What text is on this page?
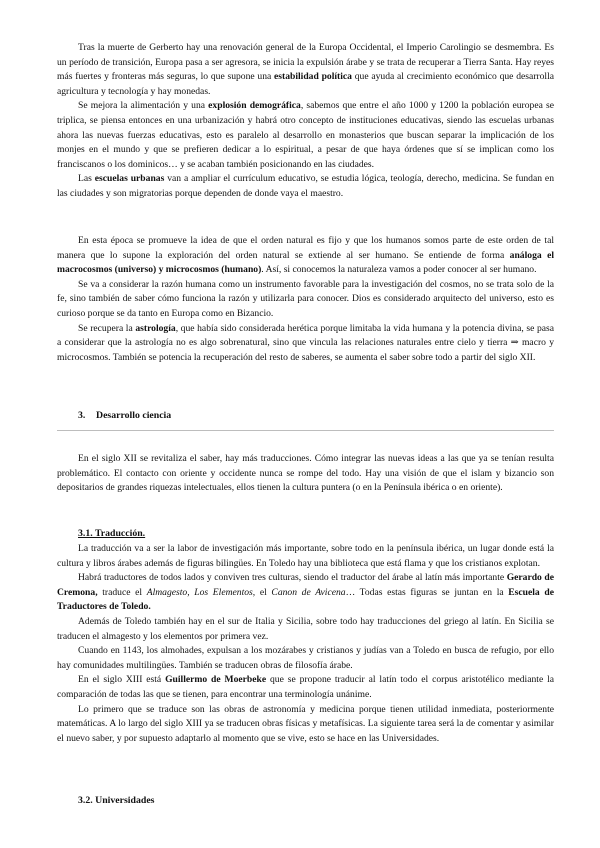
Tras la muerte de Gerberto hay una renovación general de la Europa Occidental, el Imperio Carolingio se desmembra. Es un período de transición, Europa pasa a ser agresora, se inicia la expulsión árabe y se trata de recuperar a Tierra Santa. Hay reyes más fuertes y fronteras más seguras, lo que supone una estabilidad política que ayuda al crecimiento económico que desarrolla agricultura y tecnología y hay monedas.

Se mejora la alimentación y una explosión demográfica, sabemos que entre el año 1000 y 1200 la población europea se triplica, se piensa entonces en una urbanización y habrá otro concepto de instituciones educativas, siendo las escuelas urbanas ahora las nuevas fuerzas educativas, esto es paralelo al desarrollo en monasterios que buscan separar la implicación de los monjes en el mundo y que se prefieren dedicar a lo espiritual, a pesar de que haya órdenes que sí se implican como los franciscanos o los dominicos… y se acaban también posicionando en las ciudades.

Las escuelas urbanas van a ampliar el currículum educativo, se estudia lógica, teología, derecho, medicina. Se fundan en las ciudades y son migratorias porque dependen de donde vaya el maestro.

En esta época se promueve la idea de que el orden natural es fijo y que los humanos somos parte de este orden de tal manera que lo supone la exploración del orden natural se extiende al ser humano. Se entiende de forma análoga el macrocosmos (universo) y microcosmos (humano). Así, si conocemos la naturaleza vamos a poder conocer al ser humano.

Se va a considerar la razón humana como un instrumento favorable para la investigación del cosmos, no se trata solo de la fe, sino también de saber cómo funciona la razón y utilizarla para conocer. Dios es considerado arquitecto del universo, esto es curioso porque se da tanto en Europa como en Bizancio.

Se recupera la astrología, que había sido considerada herética porque limitaba la vida humana y la potencia divina, se pasa a considerar que la astrología no es algo sobrenatural, sino que vincula las relaciones naturales entre cielo y tierra ⇒ macro y microcosmos. También se potencia la recuperación del resto de saberes, se aumenta el saber sobre todo a partir del siglo XII.

3. Desarrollo ciencia

En el siglo XII se revitaliza el saber, hay más traducciones. Cómo integrar las nuevas ideas a las que ya se tenían resulta problemático. El contacto con oriente y occidente nunca se rompe del todo. Hay una visión de que el islam y bizancio son depositarios de grandes riquezas intelectuales, ellos tienen la cultura puntera (o en la Península ibérica o en oriente).

3.1. Traducción.

La traducción va a ser la labor de investigación más importante, sobre todo en la península ibérica, un lugar donde está la cultura y libros árabes además de figuras bilingües. En Toledo hay una biblioteca que está flama y que los cristianos explotan.

Habrá traductores de todos lados y conviven tres culturas, siendo el traductor del árabe al latín más importante Gerardo de Cremona, traduce el Almagesto, Los Elementos, el Canon de Avicena… Todas estas figuras se juntan en la Escuela de Traductores de Toledo.

Además de Toledo también hay en el sur de Italia y Sicilia, sobre todo hay traducciones del griego al latín. En Sicilia se traducen el almagesto y los elementos por primera vez.

Cuando en 1143, los almohades, expulsan a los mozárabes y cristianos y judías van a Toledo en busca de refugio, por ello hay comunidades multilingües. También se traducen obras de filosofía árabe.

En el siglo XIII está Guillermo de Moerbeke que se propone traducir al latín todo el corpus aristotélico mediante la comparación de todas las que se tienen, para encontrar una terminología unánime.

Lo primero que se traduce son las obras de astronomía y medicina porque tienen utilidad inmediata, posteriormente matemáticas. A lo largo del siglo XIII ya se traducen obras físicas y metafísicas. La siguiente tarea será la de comentar y asimilar el nuevo saber, y por supuesto adaptarlo al momento que se vive, esto se hace en las Universidades.

3.2. Universidades
